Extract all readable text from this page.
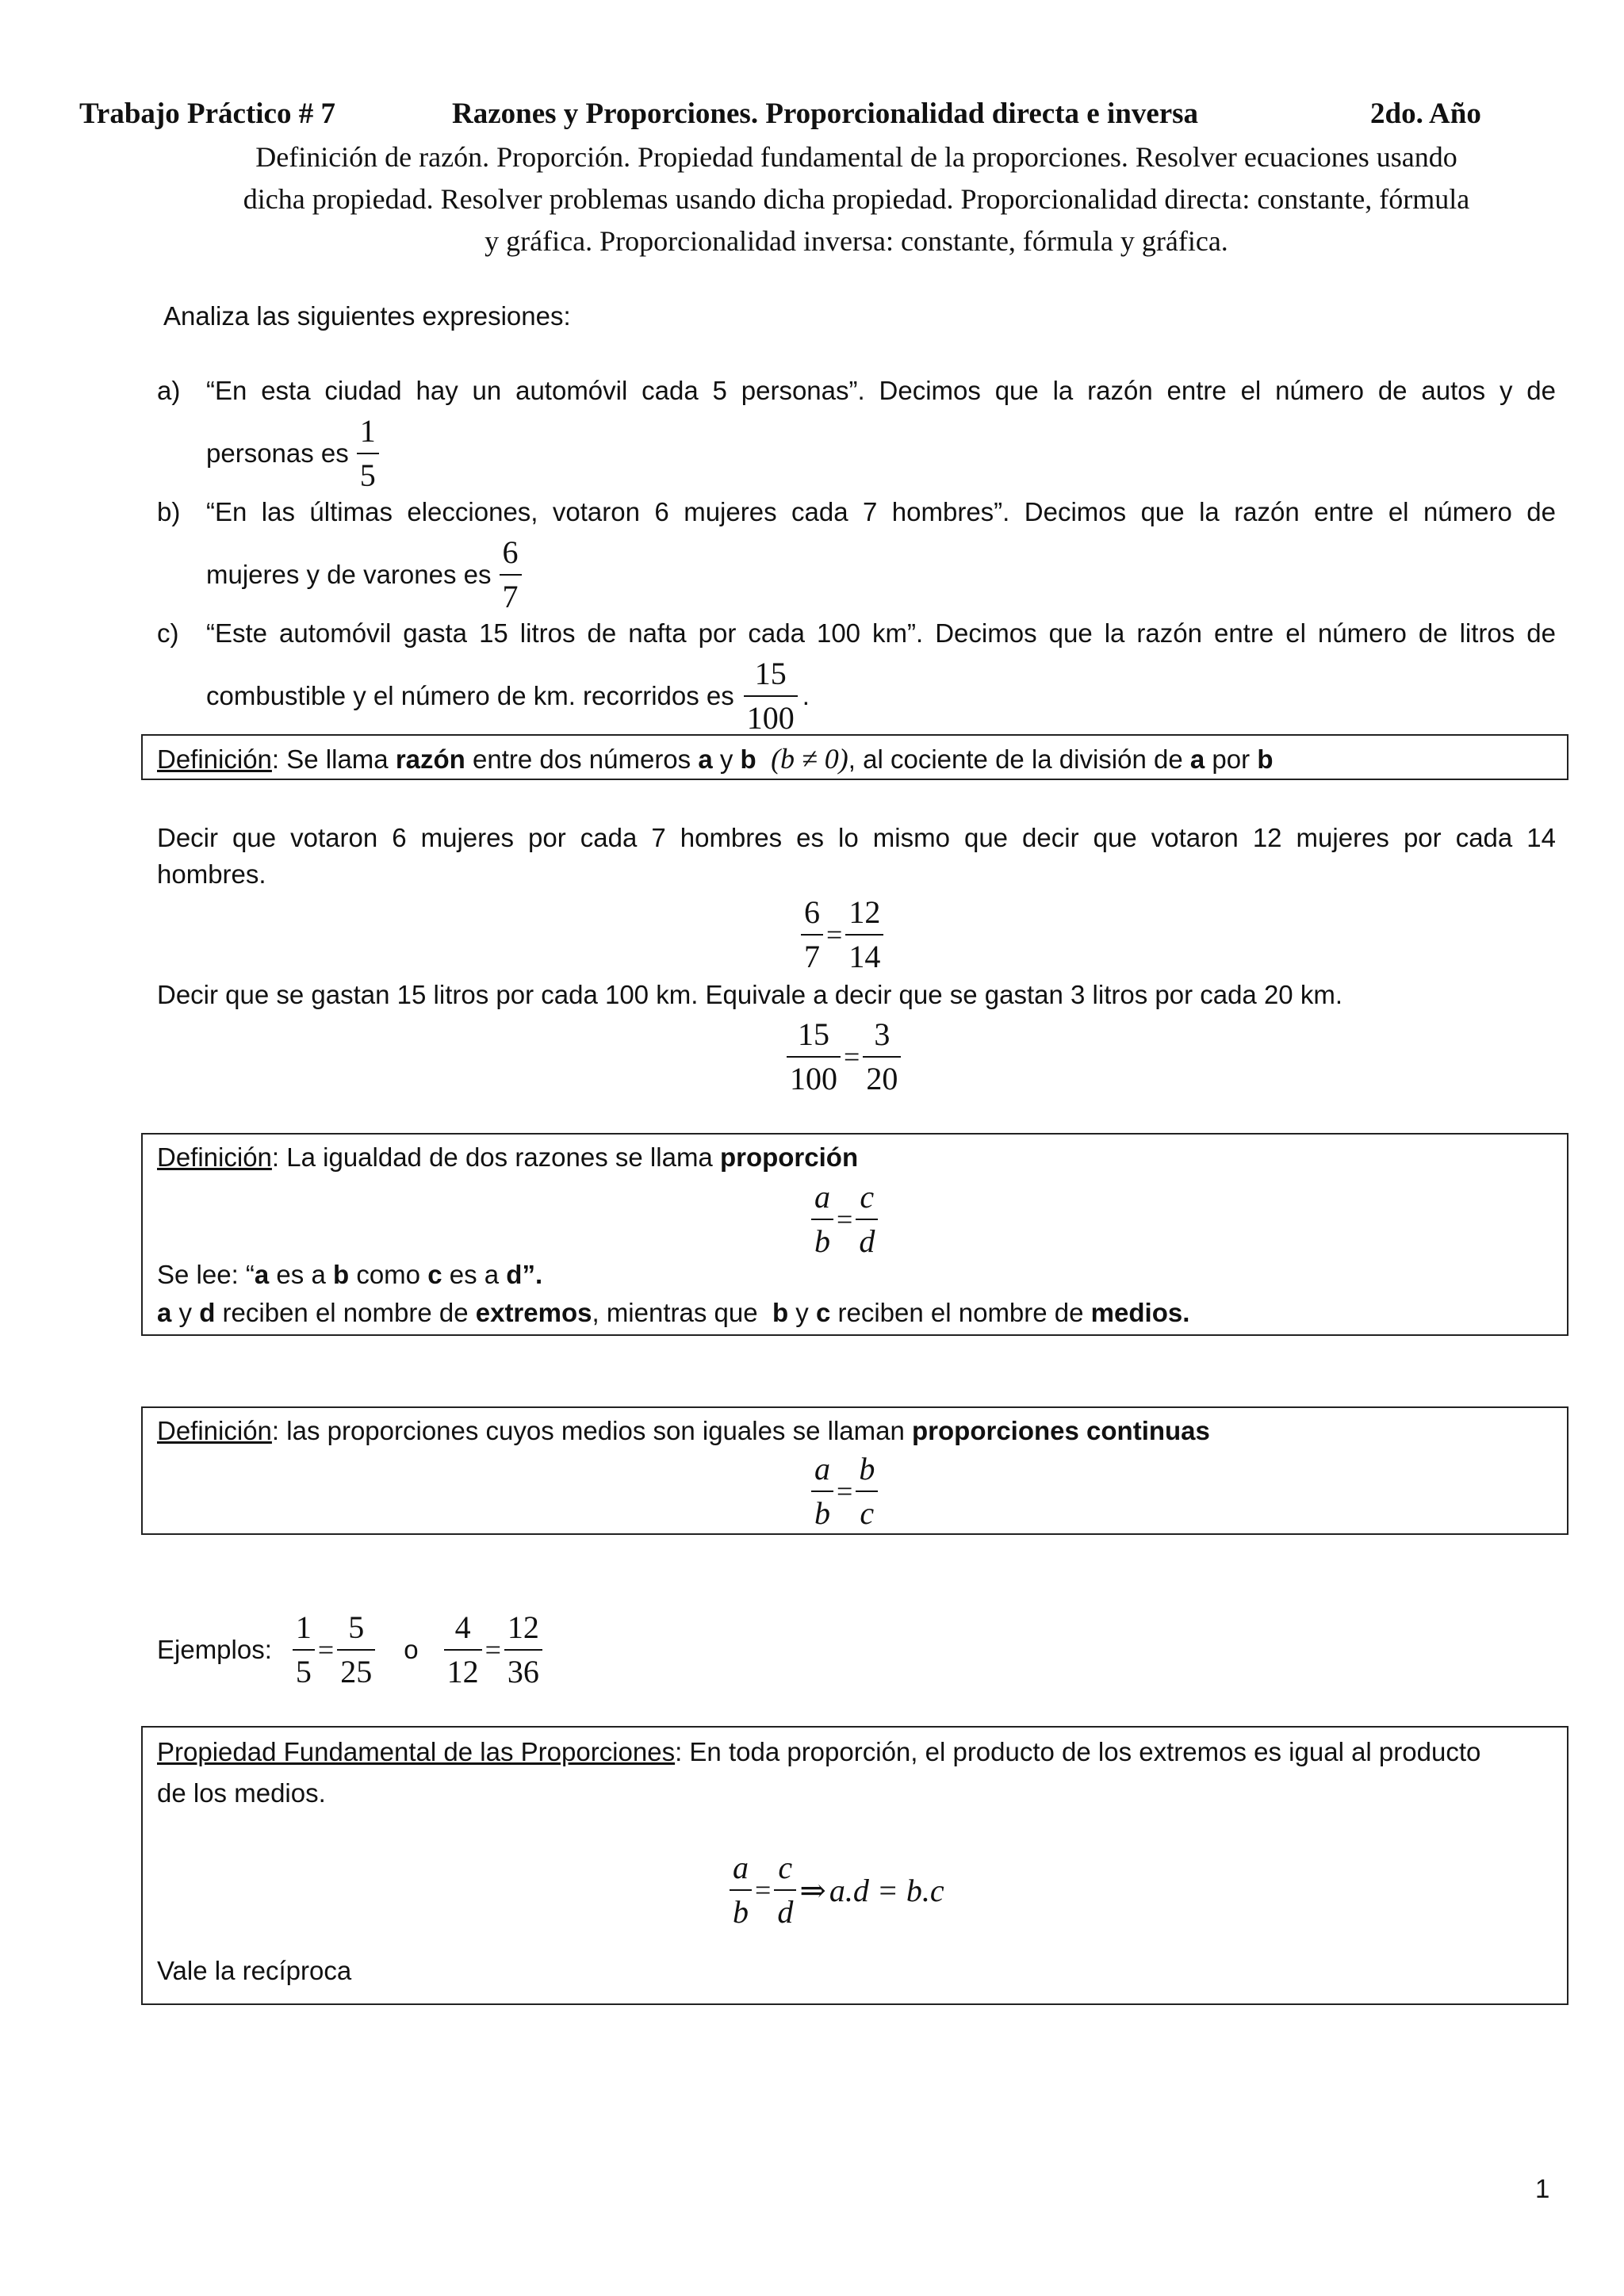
Trabajo Práctico # 7	Razones y Proporciones. Proporcionalidad directa e inversa	2do. Año
Definición de razón. Proporción. Propiedad fundamental de la proporciones. Resolver ecuaciones usando
dicha propiedad. Resolver problemas usando dicha propiedad. Proporcionalidad directa: constante, fórmula
y gráfica. Proporcionalidad inversa: constante, fórmula y gráfica.
Analiza las siguientes expresiones:
a) “En esta ciudad hay un automóvil cada 5 personas”. Decimos que la razón entre el número de autos y de
personas es $\frac{1}{5}$
b) “En las últimas elecciones, votaron 6 mujeres cada 7 hombres”. Decimos que la razón entre el número de
mujeres y de varones es $\frac{6}{7}$
c) “Este automóvil gasta 15 litros de nafta por cada 100 km”. Decimos que la razón entre el número de litros de
combustible y el número de km. recorridos es $\frac{15}{100}$ .
Definición: Se llama razón entre dos números a y b (b ≠ 0), al cociente de la división de a por b
Decir que votaron 6 mujeres por cada 7 hombres es lo mismo que decir que votaron 12 mujeres por cada 14
hombres.
$\frac{6}{7} = \frac{12}{14}$
Decir que se gastan 15 litros por cada 100 km. Equivale a decir que se gastan 3 litros por cada 20 km.
$\frac{15}{100} = \frac{3}{20}$
Definición: La igualdad de dos razones se llama proporción
$\frac{a}{b} = \frac{c}{d}$
Se lee: “a es a b como c es a d”.
a y d reciben el nombre de extremos, mientras que  b y c reciben el nombre de medios.
Definición: las proporciones cuyos medios son iguales se llaman proporciones continuas
$\frac{a}{b} = \frac{b}{c}$
Ejemplos: $\frac{1}{5} = \frac{5}{25}$ o $\frac{4}{12} = \frac{12}{36}$
Propiedad Fundamental de las Proporciones: En toda proporción, el producto de los extremos es igual al producto
de los medios.
$\frac{a}{b} = \frac{c}{d}$ ⇒ a.d = b.c
Vale la recíproca
1
